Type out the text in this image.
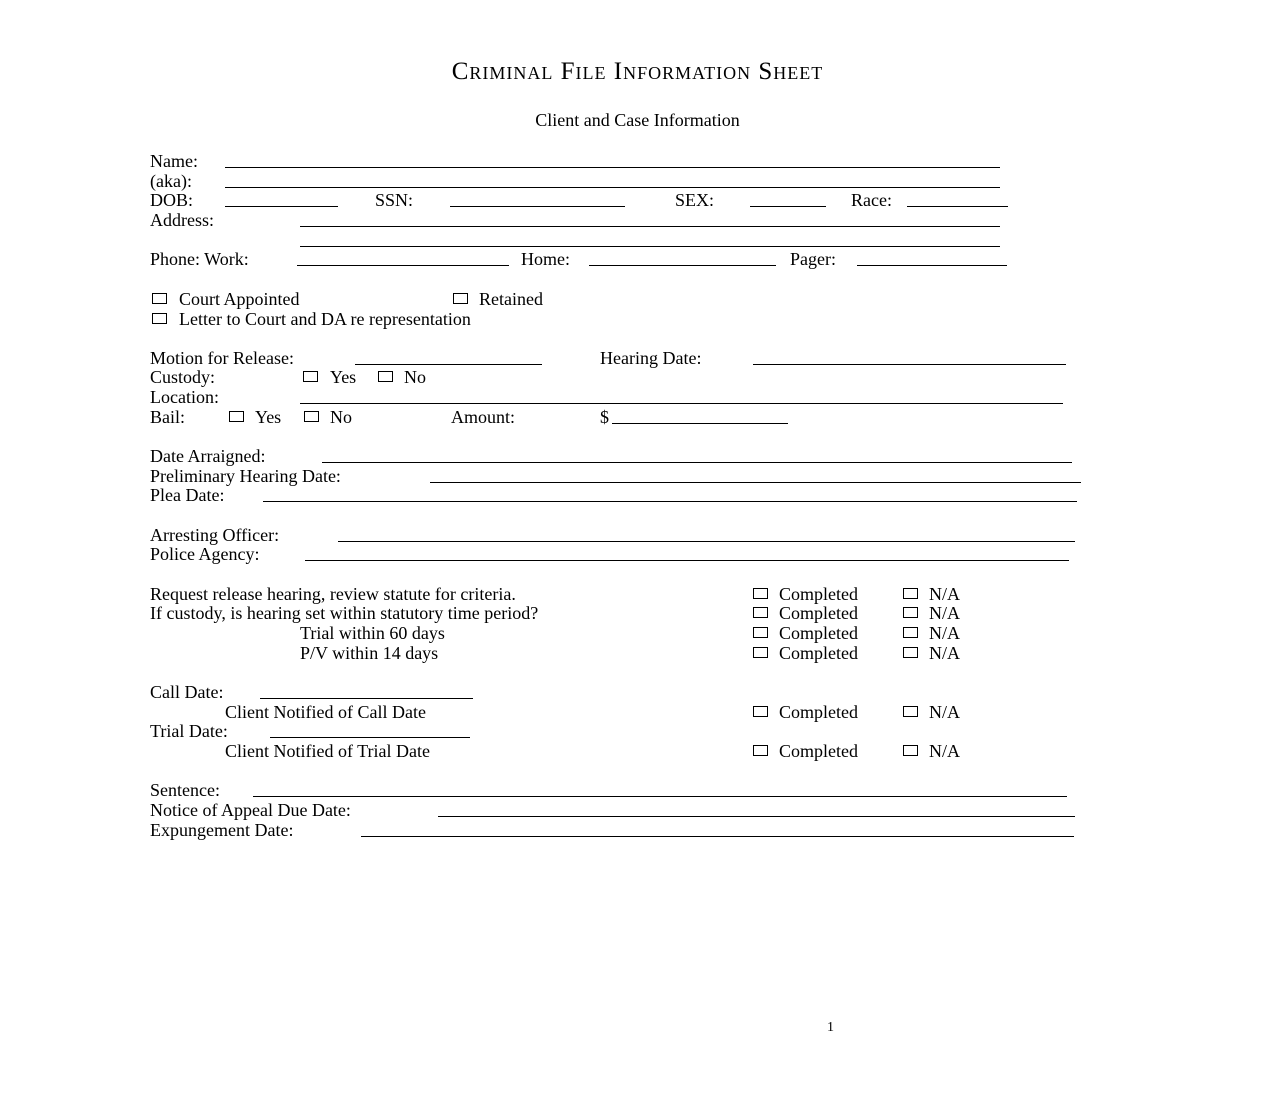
Criminal File Information Sheet
Client and Case Information
Name:
(aka):
DOB:	SSN:	SEX:	Race:
Address:
Phone: Work:	Home:	Pager:
Court Appointed	Retained
Letter to Court and DA re representation
Motion for Release:	Hearing Date:
Custody:	Yes	No
Location:
Bail:	Yes	No	Amount:	$
Date Arraigned:
Preliminary Hearing Date:
Plea Date:
Arresting Officer:
Police Agency:
Request release hearing, review statute for criteria.	Completed	N/A
If custody, is hearing set within statutory time period?	Completed	N/A
Trial within 60 days	Completed	N/A
P/V within 14 days	Completed	N/A
Call Date:
Client Notified of Call Date	Completed	N/A
Trial Date:
Client Notified of Trial Date	Completed	N/A
Sentence:
Notice of Appeal Due Date:
Expungement Date:
1
